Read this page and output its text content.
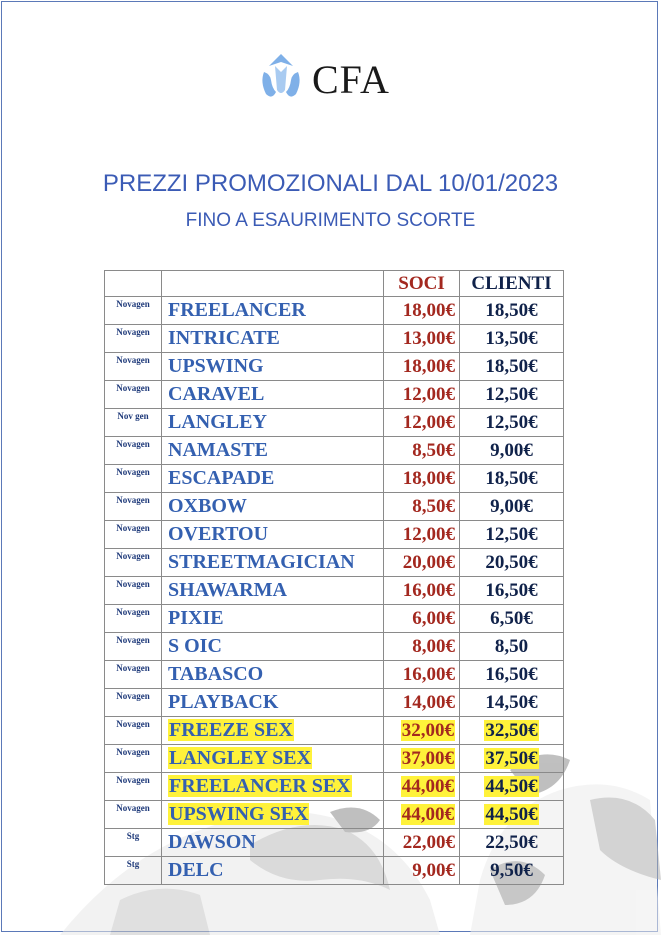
CFA
PREZZI PROMOZIONALI DAL 10/01/2023
FINO A ESAURIMENTO SCORTE
		SOCI	CLIENTI
Novagen	FREELANCER	18,00€	18,50€
Novagen	INTRICATE	13,00€	13,50€
Novagen	UPSWING	18,00€	18,50€
Novagen	CARAVEL	12,00€	12,50€
Nov gen	LANGLEY	12,00€	12,50€
Novagen	NAMASTE	8,50€	9,00€
Novagen	ESCAPADE	18,00€	18,50€
Novagen	OXBOW	8,50€	9,00€
Novagen	OVERTOU	12,00€	12,50€
Novagen	STREETMAGICIAN	20,00€	20,50€
Novagen	SHAWARMA	16,00€	16,50€
Novagen	PIXIE	6,00€	6,50€
Novagen	S OIC	8,00€	8,50
Novagen	TABASCO	16,00€	16,50€
Novagen	PLAYBACK	14,00€	14,50€
Novagen	FREEZE SEX	32,00€	32,50€
Novagen	LANGLEY SEX	37,00€	37,50€
Novagen	FREELANCER SEX	44,00€	44,50€
Novagen	UPSWING SEX	44,00€	44,50€
Stg	DAWSON	22,00€	22,50€
Stg	DELC	9,00€	9,50€
